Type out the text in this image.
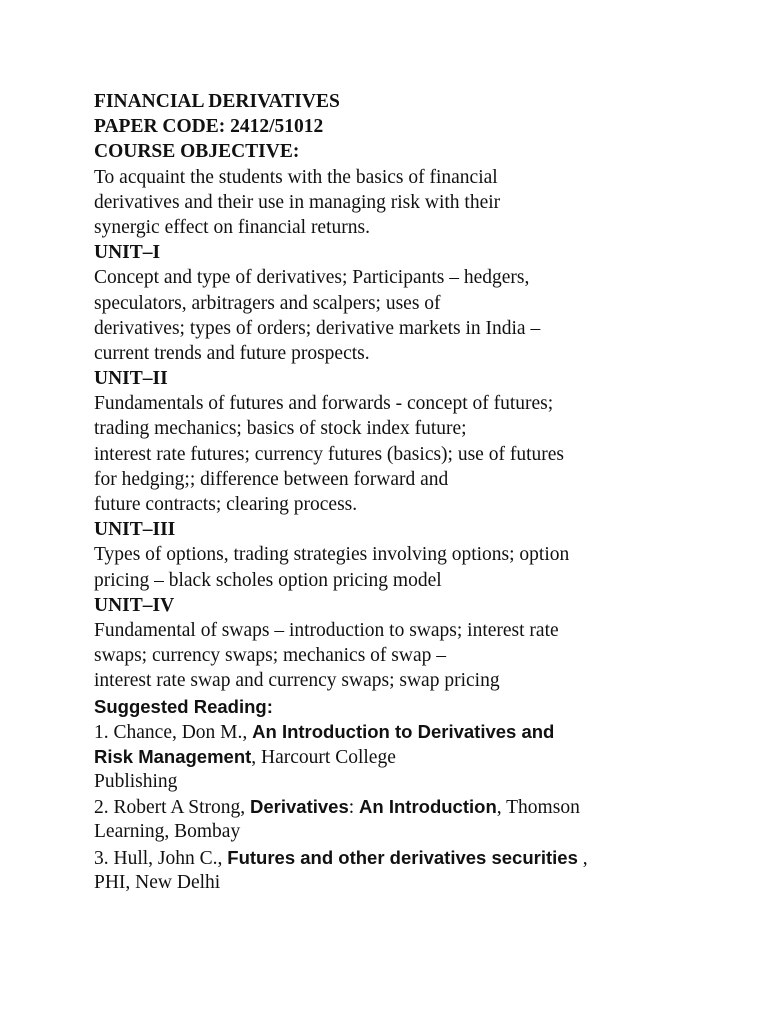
FINANCIAL DERIVATIVES
PAPER CODE: 2412/51012
COURSE OBJECTIVE:
To acquaint the students with the basics of financial
derivatives and their use in managing risk with their
synergic effect on financial returns.
UNIT–I
Concept and type of derivatives; Participants – hedgers,
speculators, arbitragers and scalpers; uses of
derivatives; types of orders; derivative markets in India –
current trends and future prospects.
UNIT–II
Fundamentals of futures and forwards - concept of futures;
trading mechanics; basics of stock index future;
interest rate futures; currency futures (basics); use of futures
for hedging;; difference between forward and
future contracts; clearing process.
UNIT–III
Types of options, trading strategies involving options; option
pricing – black scholes option pricing model
UNIT–IV
Fundamental of swaps – introduction to swaps; interest rate
swaps; currency swaps; mechanics of swap –
interest rate swap and currency swaps; swap pricing
Suggested Reading:
1. Chance, Don M., An Introduction to Derivatives and
Risk Management, Harcourt College
Publishing
2. Robert A Strong, Derivatives: An Introduction, Thomson
Learning, Bombay
3. Hull, John C., Futures and other derivatives securities ,
PHI, New Delhi
